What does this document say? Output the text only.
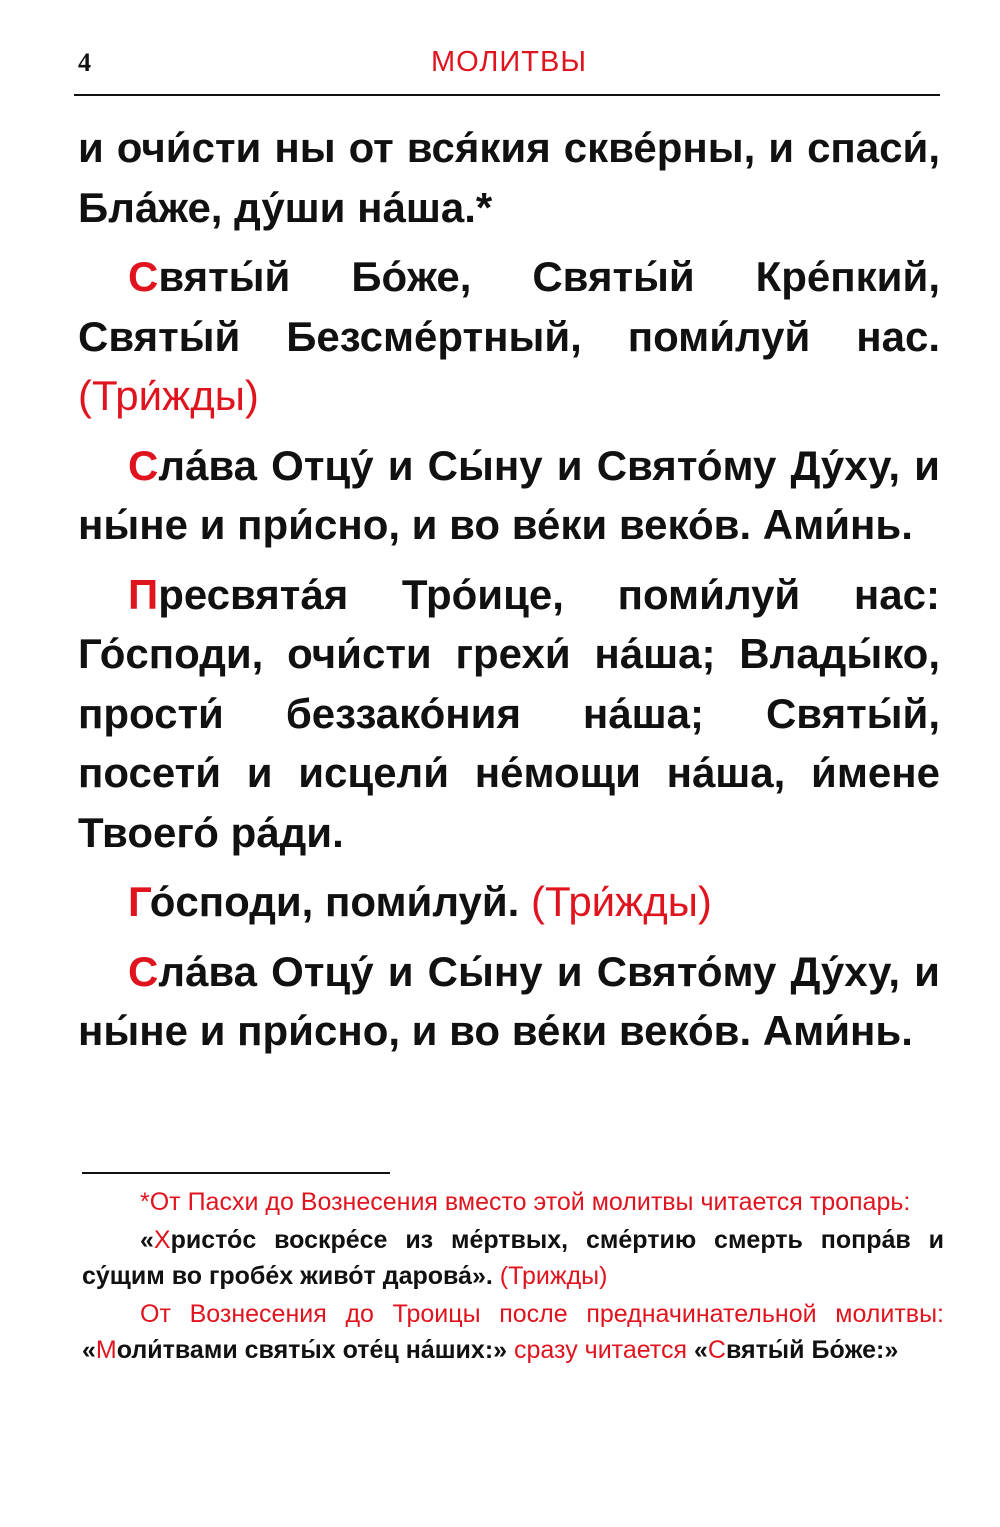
4	МОЛИТВЫ

и очи́сти ны от вся́кия скве́рны, и спаси́, Бла́же, ду́ши на́ша.*

Святы́й Бо́же, Святы́й Кре́пкий, Святы́й Безсме́ртный, поми́луй нас. (Три́жды)

Сла́ва Отцу́ и Сы́ну и Свято́му Ду́ху, и ны́не и при́сно, и во ве́ки веко́в. Ами́нь.

Пресвята́я Тро́ице, поми́луй нас: Го́споди, очи́сти грехи́ на́ша; Влады́ко, прости́ беззако́ния на́ша; Святы́й, посети́ и исцели́ не́мощи на́ша, и́мене Твоего́ ра́ди.

Го́споди, поми́луй. (Три́жды)

Сла́ва Отцу́ и Сы́ну и Свято́му Ду́ху, и ны́не и при́сно, и во ве́ки веко́в. Ами́нь.

*От Пасхи до Вознесения вместо этой молитвы читается тропарь:

«Христо́с воскре́се из ме́ртвых, сме́ртию смерть попра́в и су́щим во гробе́х живо́т дарова́». (Трижды)

От Вознесения до Троицы после предначинательной молитвы: «Моли́твами святы́х оте́ц на́ших:» сразу читается «Святы́й Бо́же:»
